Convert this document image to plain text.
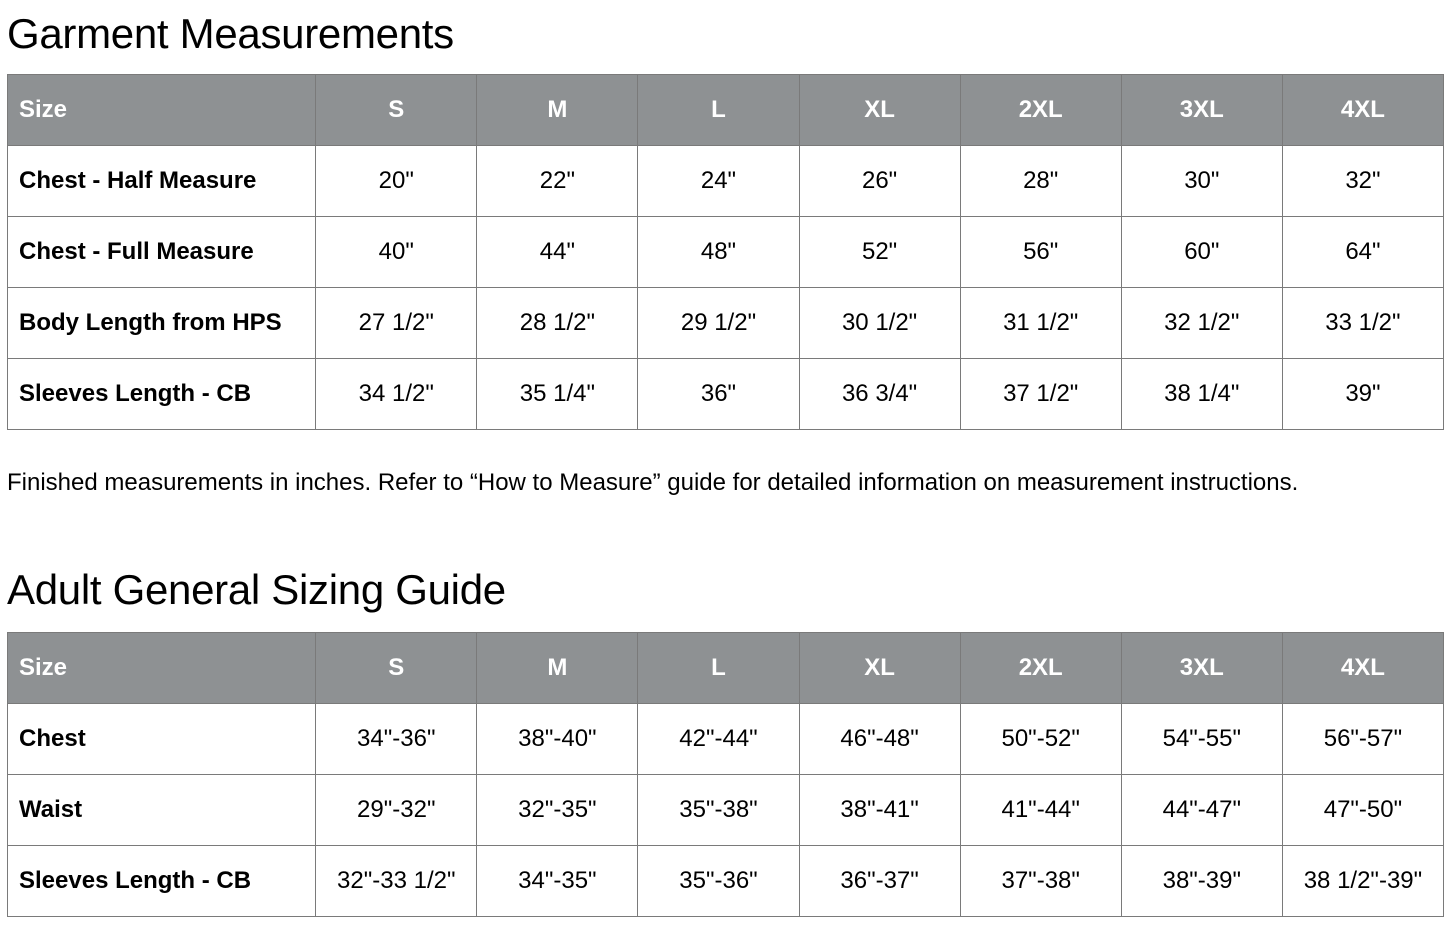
Garment Measurements
Size	S	M	L	XL	2XL	3XL	4XL
Chest - Half Measure	20"	22"	24"	26"	28"	30"	32"
Chest - Full Measure	40"	44"	48"	52"	56"	60"	64"
Body Length from HPS	27 1/2"	28 1/2"	29 1/2"	30 1/2"	31 1/2"	32 1/2"	33 1/2"
Sleeves Length - CB	34 1/2"	35 1/4"	36"	36 3/4"	37 1/2"	38 1/4"	39"

Finished measurements in inches. Refer to “How to Measure” guide for detailed information on measurement instructions.

Adult General Sizing Guide
Size	S	M	L	XL	2XL	3XL	4XL
Chest	34"-36"	38"-40"	42"-44"	46"-48"	50"-52"	54"-55"	56"-57"
Waist	29"-32"	32"-35"	35"-38"	38"-41"	41"-44"	44"-47"	47"-50"
Sleeves Length - CB	32"-33 1/2"	34"-35"	35"-36"	36"-37"	37"-38"	38"-39"	38 1/2"-39"
